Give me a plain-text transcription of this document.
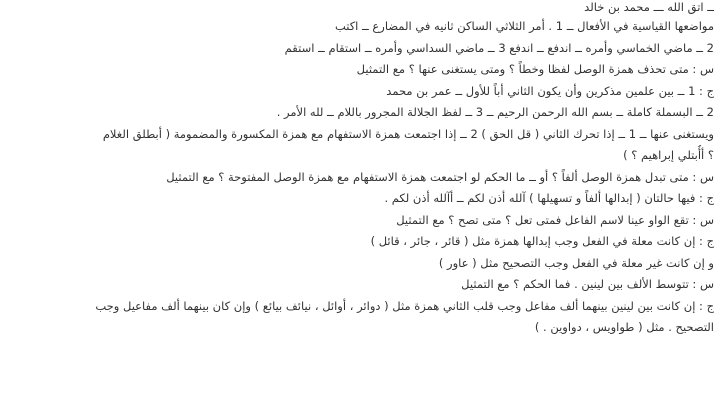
ــ اتق الله ـــ محمد بن خالد
مواضعها القياسية في الأفعال ــ 1 . أمر الثلاثي الساكن ثانيه في المضارع ــ اكتب
2 ــ ماضي الخماسي وأمره ــ اندفع ــ اندفع 3 ــ ماضي السداسي وأمره ــ استقام ــ استقم
س : متى تحذف همزة الوصل لفظا وخطاً ؟ ومتى يستغنى عنها ؟ مع التمثيل
ج : 1 ــ بين علمين مذكرين وأن يكون الثاني أباً للأول ــ عمر بن محمد
2 ــ البسملة كاملة ــ بسم الله الرحمن الرحيم ــ 3 ــ لفظ الجلالة المجرور باللام ــ لله الأمر .
ويستغنى عنها ــ 1 ــ إذا تحرك الثاني ( قل الحق ) 2 ــ إذا اجتمعت همزة الاستفهام مع همزة المكسورة والمضمومة ( أبطلق الغلام
؟ أأُبتلي إبراهيم ؟ )
س : متى تبدل همزة الوصل ألفاً ؟ أو ــ ما الحكم لو اجتمعت همزة الاستفهام مع همزة الوصل المفتوحة ؟ مع التمثيل
ج : فيها حالتان ( إبدالها ألفاً و تسهيلها ) آلله أذن لكم ــ أآلله أذن لكم .
س : تقع الواو عينا لاسم الفاعل فمتى تعل ؟ متى تصح ؟ مع التمثيل
ج : إن كانت معلة في الفعل وجب إبدالها همزة مثل ( قائر ، جائر ، قائل )
و إن كانت غير معلة في الفعل وجب التصحيح مثل ( عاور )
س : تتوسط الألف بين لينين . فما الحكم ؟ مع التمثيل
ج : إن كانت بين لينين بينهما ألف مفاعل وجب قلب الثاني همزة مثل ( دوائر ، أوائل ، نيائف بيائع ) وإن كان بينهما ألف مفاعيل وجب
التصحيح . مثل ( طواويس ، دواوين . )
